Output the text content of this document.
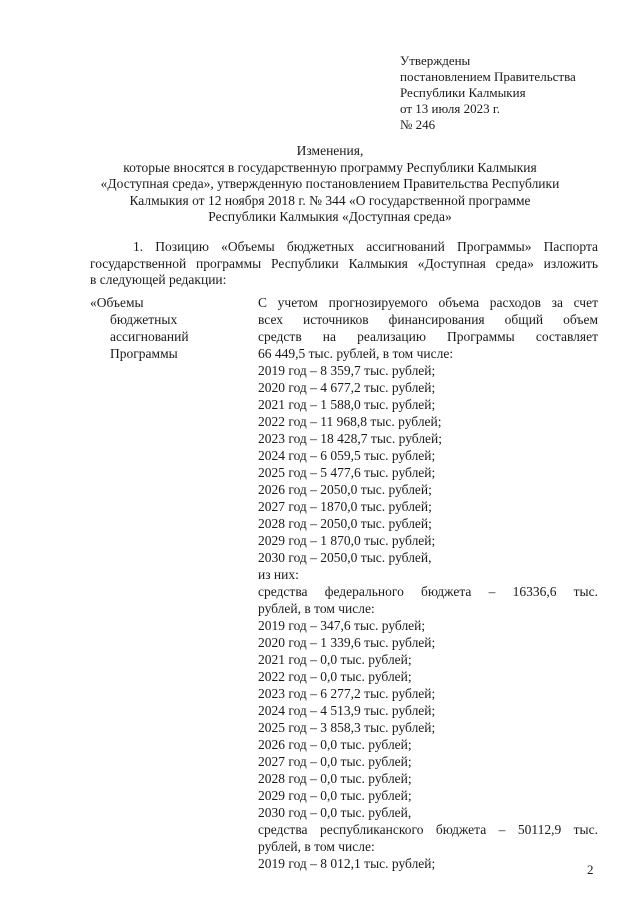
Утверждены
постановлением Правительства
Республики Калмыкия
от 13 июля 2023 г.
№ 246
Изменения,
которые вносятся в государственную программу Республики Калмыкия
«Доступная среда», утвержденную постановлением Правительства Республики
Калмыкия от 12 ноября 2018 г. № 344 «О государственной программе
Республики Калмыкия «Доступная среда»
1. Позицию «Объемы бюджетных ассигнований Программы» Паспорта
государственной программы Республики Калмыкия «Доступная среда» изложить
в следующей редакции:
«Объемы
бюджетных
ассигнований
Программы
С учетом прогнозируемого объема расходов за счет
всех источников финансирования общий объем
средств на реализацию Программы составляет
66 449,5 тыс. рублей, в том числе:
2019 год – 8 359,7 тыс. рублей;
2020 год – 4 677,2 тыс. рублей;
2021 год – 1 588,0 тыс. рублей;
2022 год – 11 968,8 тыс. рублей;
2023 год – 18 428,7 тыс. рублей;
2024 год – 6 059,5 тыс. рублей;
2025 год – 5 477,6 тыс. рублей;
2026 год – 2050,0 тыс. рублей;
2027 год – 1870,0 тыс. рублей;
2028 год – 2050,0 тыс. рублей;
2029 год – 1 870,0 тыс. рублей;
2030 год – 2050,0 тыс. рублей,
из них:
средства федерального бюджета – 16336,6 тыс.
рублей, в том числе:
2019 год – 347,6 тыс. рублей;
2020 год – 1 339,6 тыс. рублей;
2021 год – 0,0 тыс. рублей;
2022 год – 0,0 тыс. рублей;
2023 год – 6 277,2 тыс. рублей;
2024 год – 4 513,9 тыс. рублей;
2025 год – 3 858,3 тыс. рублей;
2026 год – 0,0 тыс. рублей;
2027 год – 0,0 тыс. рублей;
2028 год – 0,0 тыс. рублей;
2029 год – 0,0 тыс. рублей;
2030 год – 0,0 тыс. рублей,
средства республиканского бюджета – 50112,9 тыс.
рублей, в том числе:
2019 год – 8 012,1 тыс. рублей;	2
